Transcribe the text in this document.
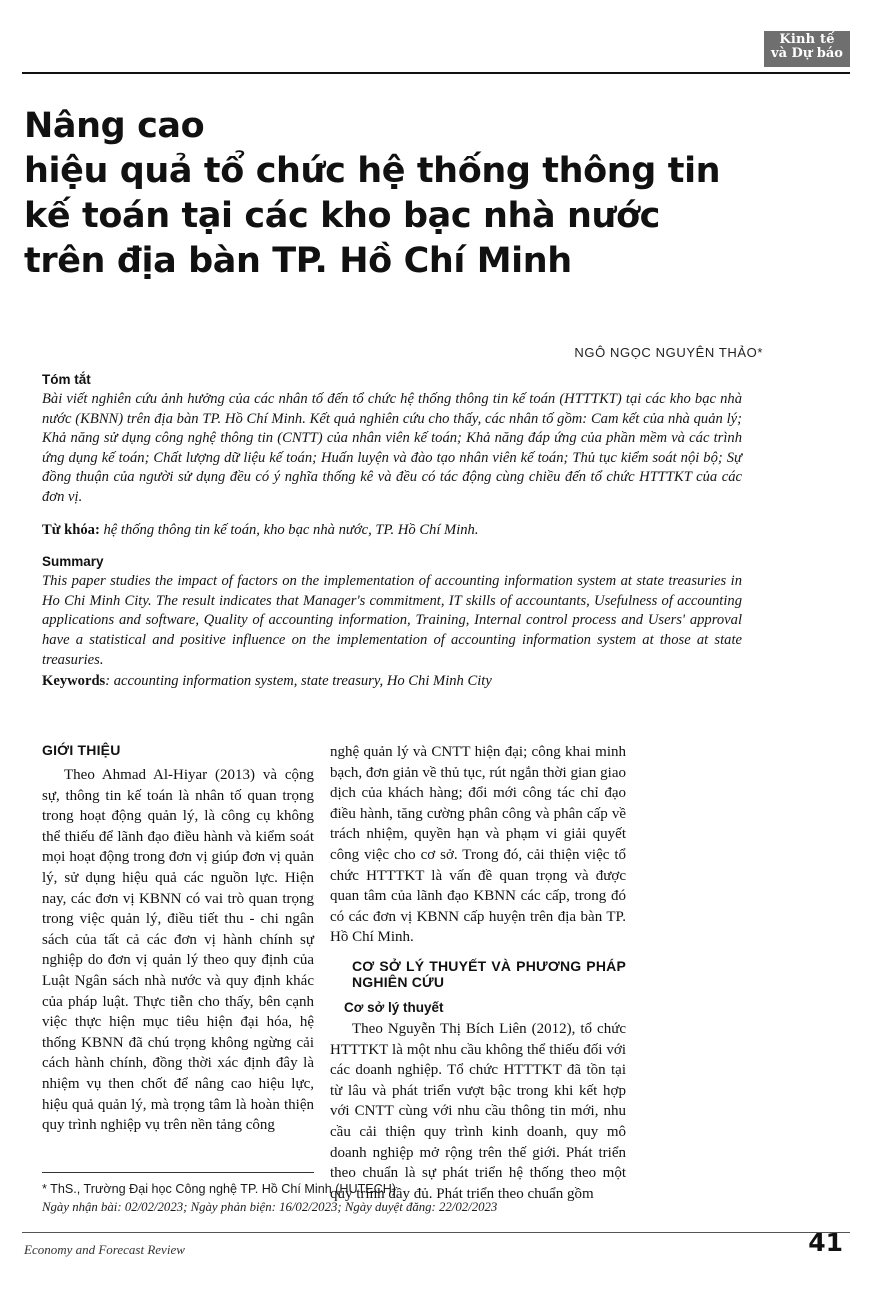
Kinh tế
và Dự báo
Nâng cao
hiệu quả tổ chức hệ thống thông tin
kế toán tại các kho bạc nhà nước
trên địa bàn TP. Hồ Chí Minh
NGÔ NGỌC NGUYÊN THẢO*
Tóm tắt
Bài viết nghiên cứu ảnh hưởng của các nhân tố đến tổ chức hệ thống thông tin kế toán (HTTTKT) tại các kho bạc nhà nước (KBNN) trên địa bàn TP. Hồ Chí Minh. Kết quả nghiên cứu cho thấy, các nhân tố gồm: Cam kết của nhà quản lý; Khả năng sử dụng công nghệ thông tin (CNTT) của nhân viên kế toán; Khả năng đáp ứng của phần mềm và các trình ứng dụng kế toán; Chất lượng dữ liệu kế toán; Huấn luyện và đào tạo nhân viên kế toán; Thủ tục kiểm soát nội bộ; Sự đồng thuận của người sử dụng đều có ý nghĩa thống kê và đều có tác động cùng chiều đến tổ chức HTTTKT của các đơn vị.
Từ khóa: hệ thống thông tin kế toán, kho bạc nhà nước, TP. Hồ Chí Minh.
Summary
This paper studies the impact of factors on the implementation of accounting information system at state treasuries in Ho Chi Minh City. The result indicates that Manager's commitment, IT skills of accountants, Usefulness of accounting applications and software, Quality of accounting information, Training, Internal control process and Users' approval have a statistical and positive influence on the implementation of accounting information system at those at state treasuries.
Keywords: accounting information system, state treasury, Ho Chi Minh City
GIỚI THIỆU

Theo Ahmad Al-Hiyar (2013) và cộng sự, thông tin kế toán là nhân tố quan trọng trong hoạt động quản lý, là công cụ không thể thiếu để lãnh đạo điều hành và kiểm soát mọi hoạt động trong đơn vị giúp đơn vị quản lý, sử dụng hiệu quả các nguồn lực. Hiện nay, các đơn vị KBNN có vai trò quan trọng trong việc quản lý, điều tiết thu - chi ngân sách của tất cả các đơn vị hành chính sự nghiệp do đơn vị quản lý theo quy định của Luật Ngân sách nhà nước và quy định khác của pháp luật. Thực tiễn cho thấy, bên cạnh việc thực hiện mục tiêu hiện đại hóa, hệ thống KBNN đã chú trọng không ngừng cải cách hành chính, đồng thời xác định đây là nhiệm vụ then chốt để nâng cao hiệu lực, hiệu quả quản lý, mà trọng tâm là hoàn thiện quy trình nghiệp vụ trên nền tảng công

nghệ quản lý và CNTT hiện đại; công khai minh bạch, đơn giản về thủ tục, rút ngắn thời gian giao dịch của khách hàng; đổi mới công tác chỉ đạo điều hành, tăng cường phân công và phân cấp về trách nhiệm, quyền hạn và phạm vi giải quyết công việc cho cơ sở. Trong đó, cải thiện việc tổ chức HTTTKT là vấn đề quan trọng và được quan tâm của lãnh đạo KBNN các cấp, trong đó có các đơn vị KBNN cấp huyện trên địa bàn TP. Hồ Chí Minh.

CƠ SỞ LÝ THUYẾT VÀ PHƯƠNG PHÁP NGHIÊN CỨU
Cơ sở lý thuyết

Theo Nguyễn Thị Bích Liên (2012), tổ chức HTTTKT là một nhu cầu không thể thiếu đối với các doanh nghiệp. Tổ chức HTTTKT đã tồn tại từ lâu và phát triển vượt bậc trong khi kết hợp với CNTT cùng với nhu cầu thông tin mới, nhu cầu cải thiện quy trình kinh doanh, quy mô doanh nghiệp mở rộng trên thế giới. Phát triển theo chuẩn là sự phát triển hệ thống theo một quy trình đầy đủ. Phát triển theo chuẩn gồm

* ThS., Trường Đại học Công nghệ TP. Hồ Chí Minh (HUTECH)
Ngày nhận bài: 02/02/2023; Ngày phản biện: 16/02/2023; Ngày duyệt đăng: 22/02/2023
Economy and Forecast Review	41
